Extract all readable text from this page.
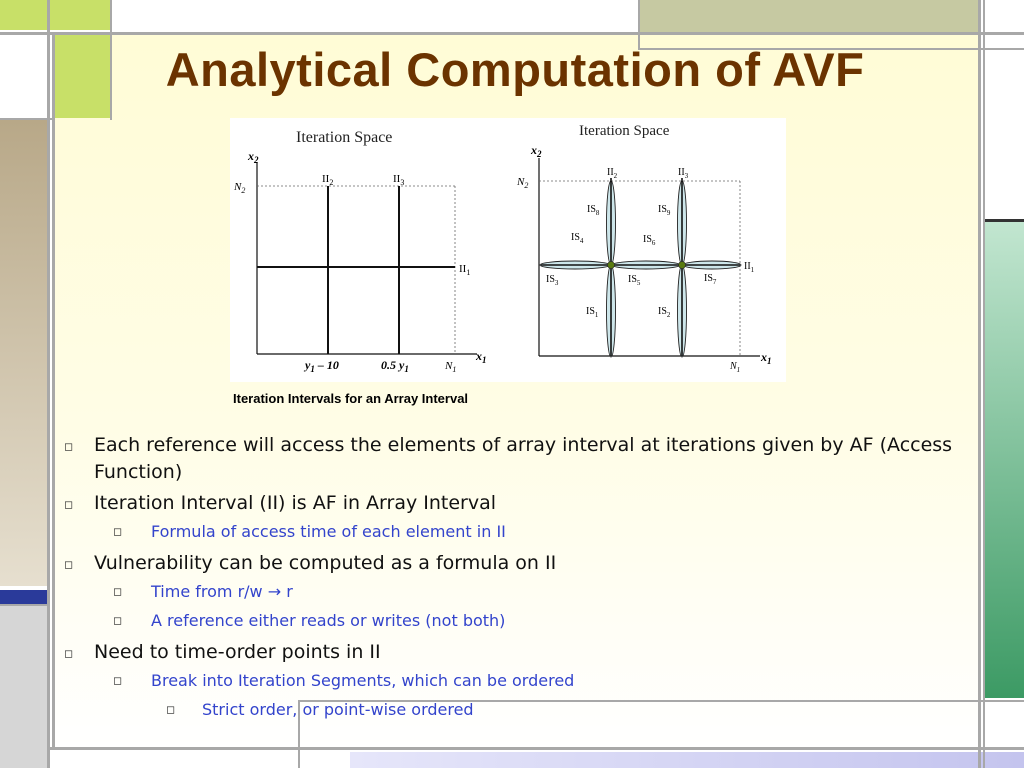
Analytical Computation of AVF
Iteration Space
$x_2$
$N_2$
$II_2$	$II_3$
$II_1$
$y_1 - 10$	0.5 $y_1$	$N_1$
$x_1$
Iteration Space
$x_2$
$N_2$
$II_2$	$II_3$
$II_1$
$IS_8$	$IS_9$
$IS_4$	$IS_6$
$IS_3$	$IS_5$	$IS_7$
$IS_1$	$IS_2$
$N_1$
$x_1$
Iteration Intervals for an Array Interval
◻ Each reference will access the elements of array interval at iterations given by AF (Access Function)
◻ Iteration Interval (II) is AF in Array Interval
◻ Formula of access time of each element in II
◻ Vulnerability can be computed as a formula on II
◻ Time from r/w → r
◻ A reference either reads or writes (not both)
◻ Need to time-order points in II
◻ Break into Iteration Segments, which can be ordered
◻ Strict order, or point-wise ordered
